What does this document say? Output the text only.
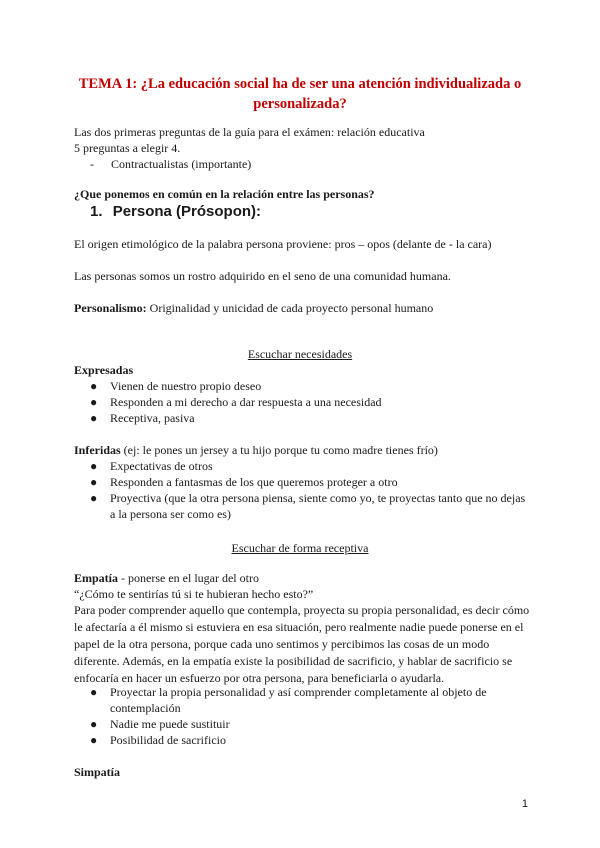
TEMA 1: ¿La educación social ha de ser una atención individualizada o personalizada?
Las dos primeras preguntas de la guía para el exámen: relación educativa
5 preguntas a elegir 4.
- Contractualistas (importante)
¿Que ponemos en común en la relación entre las personas?
1. Persona (Prósopon):
El origen etimológico de la palabra persona proviene: pros – opos (delante de - la cara)
Las personas somos un rostro adquirido en el seno de una comunidad humana.
Personalismo: Originalidad y unicidad de cada proyecto personal humano
Escuchar necesidades
Expresadas
● Vienen de nuestro propio deseo
● Responden a mi derecho a dar respuesta a una necesidad
● Receptiva, pasiva
Inferidas (ej: le pones un jersey a tu hijo porque tu como madre tienes frío)
● Expectativas de otros
● Responden a fantasmas de los que queremos proteger a otro
● Proyectiva (que la otra persona piensa, siente como yo, te proyectas tanto que no dejas a la persona ser como es)
Escuchar de forma receptiva
Empatía - ponerse en el lugar del otro
“¿Cómo te sentirías tú si te hubieran hecho esto?”
Para poder comprender aquello que contempla, proyecta su propia personalidad, es decir cómo le afectaría a él mismo si estuviera en esa situación, pero realmente nadie puede ponerse en el papel de la otra persona, porque cada uno sentimos y percibimos las cosas de un modo diferente. Además, en la empatía existe la posibilidad de sacrificio, y hablar de sacrificio se enfocaría en hacer un esfuerzo por otra persona, para beneficiarla o ayudarla.
● Proyectar la propia personalidad y así comprender completamente al objeto de contemplación
● Nadie me puede sustituir
● Posibilidad de sacrificio
Simpatía
1
